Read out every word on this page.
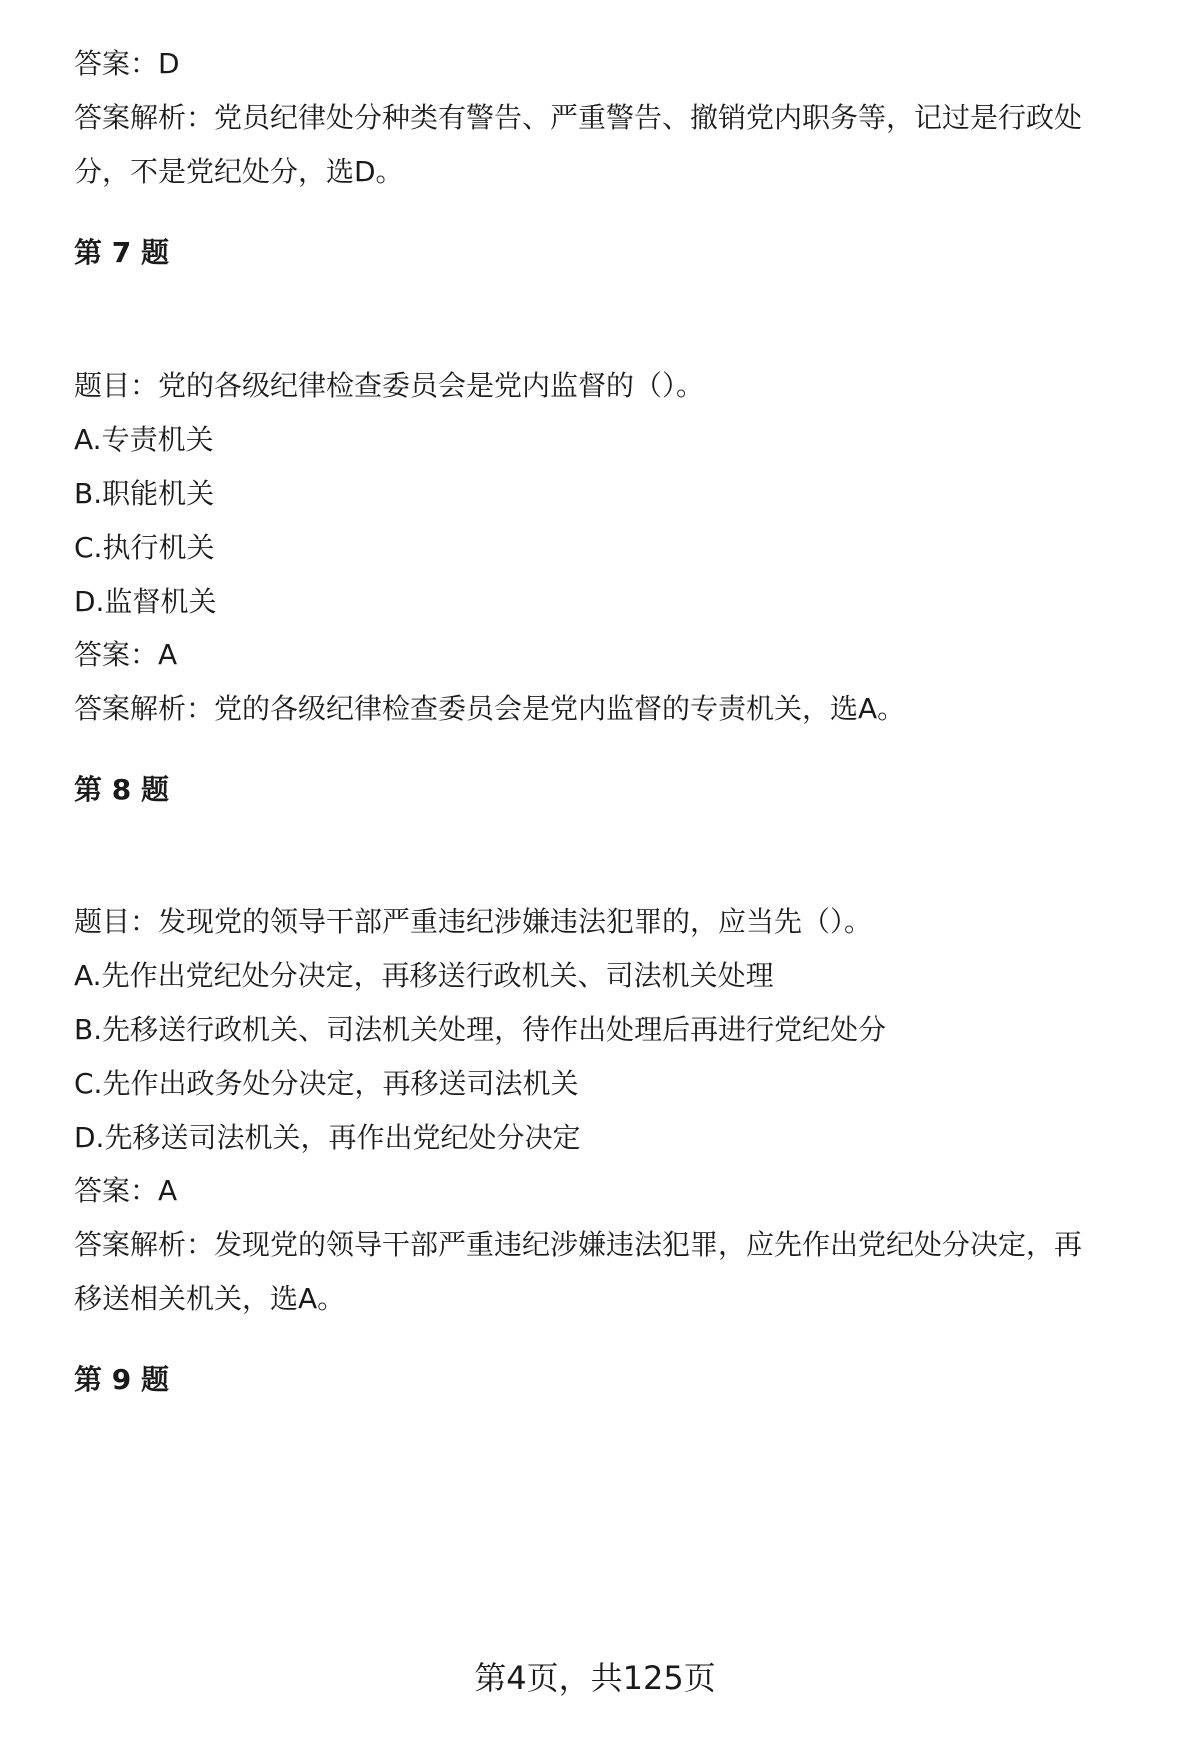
答案：D
答案解析：党员纪律处分种类有警告、严重警告、撤销党内职务等，记过是行政处
分，不是党纪处分，选D。
第 7 题
题目：党的各级纪律检查委员会是党内监督的（）。
A.专责机关
B.职能机关
C.执行机关
D.监督机关
答案：A
答案解析：党的各级纪律检查委员会是党内监督的专责机关，选A。
第 8 题
题目：发现党的领导干部严重违纪涉嫌违法犯罪的，应当先（）。
A.先作出党纪处分决定，再移送行政机关、司法机关处理
B.先移送行政机关、司法机关处理，待作出处理后再进行党纪处分
C.先作出政务处分决定，再移送司法机关
D.先移送司法机关，再作出党纪处分决定
答案：A
答案解析：发现党的领导干部严重违纪涉嫌违法犯罪，应先作出党纪处分决定，再
移送相关机关，选A。
第 9 题
第4页，共125页
